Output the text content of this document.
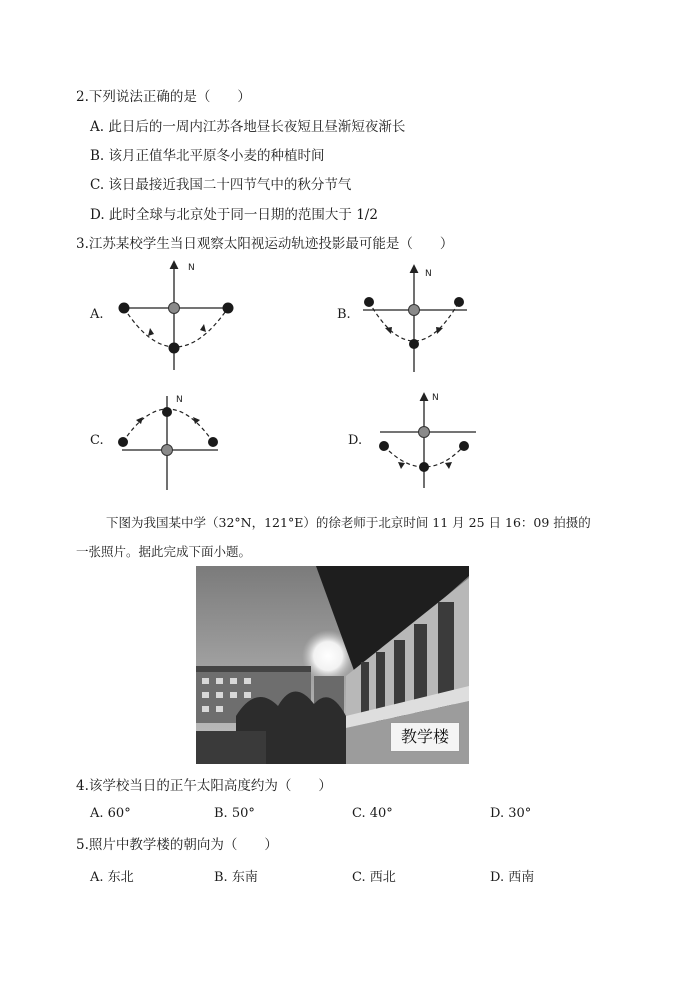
2.下列说法正确的是（　　）
A. 此日后的一周内江苏各地昼长夜短且昼渐短夜渐长
B. 该月正值华北平原冬小麦的种植时间
C. 该日最接近我国二十四节气中的秋分节气
D. 此时全球与北京处于同一日期的范围大于 1/2
3.江苏某校学生当日观察太阳视运动轨迹投影最可能是（　　）
A.
N
B.
N
C.
N
D.
N
下图为我国某中学（32°N，121°E）的徐老师于北京时间 11 月 25 日 16：09 拍摄的
一张照片。据此完成下面小题。
教学楼
4.该学校当日的正午太阳高度约为（　　）
A. 60°	B. 50°	C. 40°	D. 30°
5.照片中教学楼的朝向为（　　）
A. 东北	B. 东南	C. 西北	D. 西南
